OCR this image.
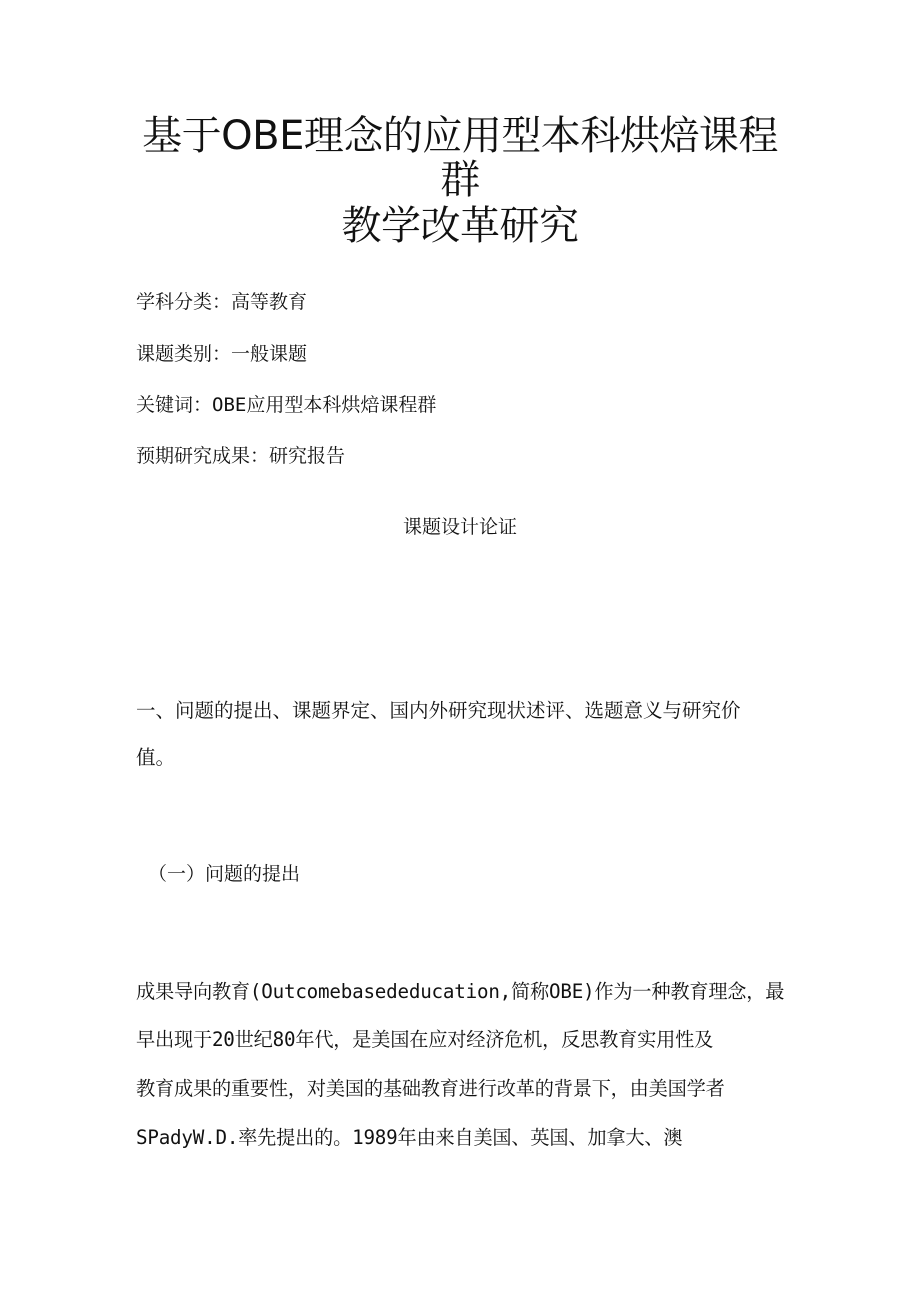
基于OBE理念的应用型本科烘焙课程
群
教学改革研究
学科分类：高等教育
课题类别：一般课题
关键词：OBE应用型本科烘焙课程群
预期研究成果：研究报告
课题设计论证
一、问题的提出、课题界定、国内外研究现状述评、选题意义与研究价
值。
（一）问题的提出
成果导向教育(Outcomebasededucation,简称OBE)作为一种教育理念，最
早出现于20世纪80年代，是美国在应对经济危机，反思教育实用性及
教育成果的重要性，对美国的基础教育进行改革的背景下，由美国学者
SPadyW.D.率先提出的。1989年由来自美国、英国、加拿大、澳
